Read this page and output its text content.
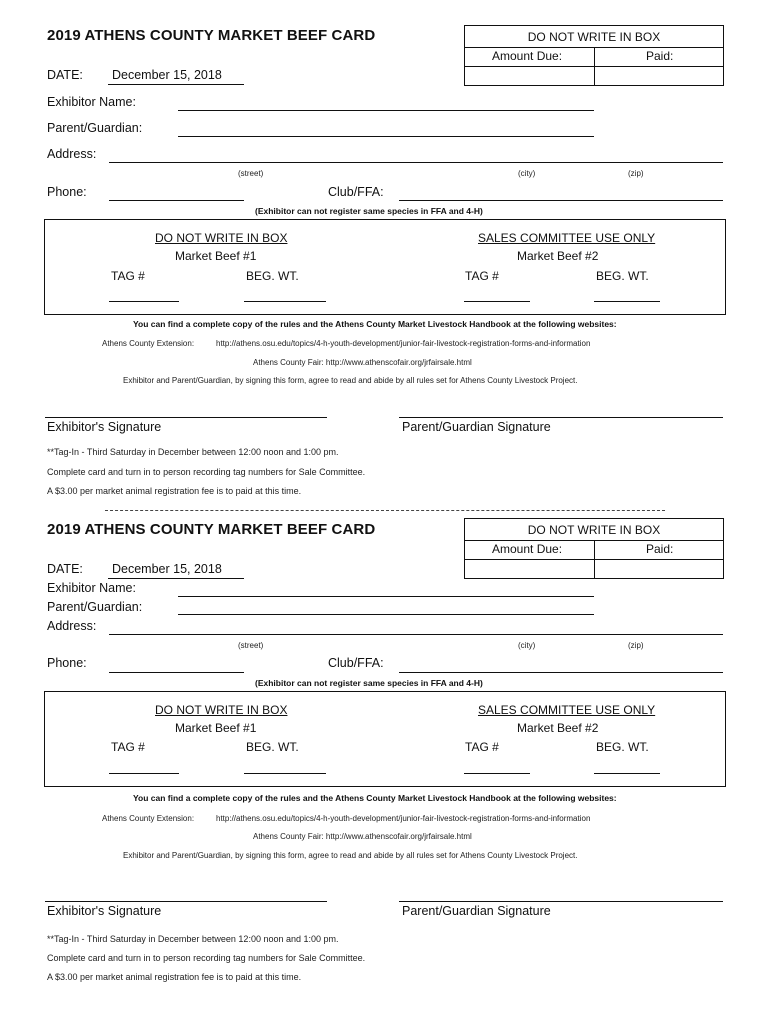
2019 ATHENS COUNTY MARKET BEEF CARD	DO NOT WRITE IN BOX
Amount Due:	Paid:
DATE: December 15, 2018
Exhibitor Name:
Parent/Guardian:
Address:
(street)	(city)	(zip)
Phone:	Club/FFA:
(Exhibitor can not register same species in FFA and 4-H)
DO NOT WRITE IN BOX
Market Beef #1
TAG #	BEG. WT.
SALES COMMITTEE USE ONLY
Market Beef #2
TAG #	BEG. WT.
You can find a complete copy of the rules and the Athens County Market Livestock Handbook at the following websites:
Athens County Extension:	http://athens.osu.edu/topics/4-h-youth-development/junior-fair-livestock-registration-forms-and-information
Athens County Fair: http://www.athenscofair.org/jrfairsale.html
Exhibitor and Parent/Guardian, by signing this form, agree to read and abide by all rules set for Athens County Livestock Project.
Exhibitor's Signature	Parent/Guardian Signature
**Tag-In - Third Saturday in December between 12:00 noon and 1:00 pm.
Complete card and turn in to person recording tag numbers for Sale Committee.
A $3.00 per market animal registration fee is to paid at this time.
2019 ATHENS COUNTY MARKET BEEF CARD	DO NOT WRITE IN BOX
Amount Due:	Paid:
DATE: December 15, 2018
Exhibitor Name:
Parent/Guardian:
Address:
(street)	(city)	(zip)
Phone:	Club/FFA:
(Exhibitor can not register same species in FFA and 4-H)
DO NOT WRITE IN BOX
Market Beef #1
TAG #	BEG. WT.
SALES COMMITTEE USE ONLY
Market Beef #2
TAG #	BEG. WT.
You can find a complete copy of the rules and the Athens County Market Livestock Handbook at the following websites:
Athens County Extension:	http://athens.osu.edu/topics/4-h-youth-development/junior-fair-livestock-registration-forms-and-information
Athens County Fair: http://www.athenscofair.org/jrfairsale.html
Exhibitor and Parent/Guardian, by signing this form, agree to read and abide by all rules set for Athens County Livestock Project.
Exhibitor's Signature	Parent/Guardian Signature
**Tag-In - Third Saturday in December between 12:00 noon and 1:00 pm.
Complete card and turn in to person recording tag numbers for Sale Committee.
A $3.00 per market animal registration fee is to paid at this time.
